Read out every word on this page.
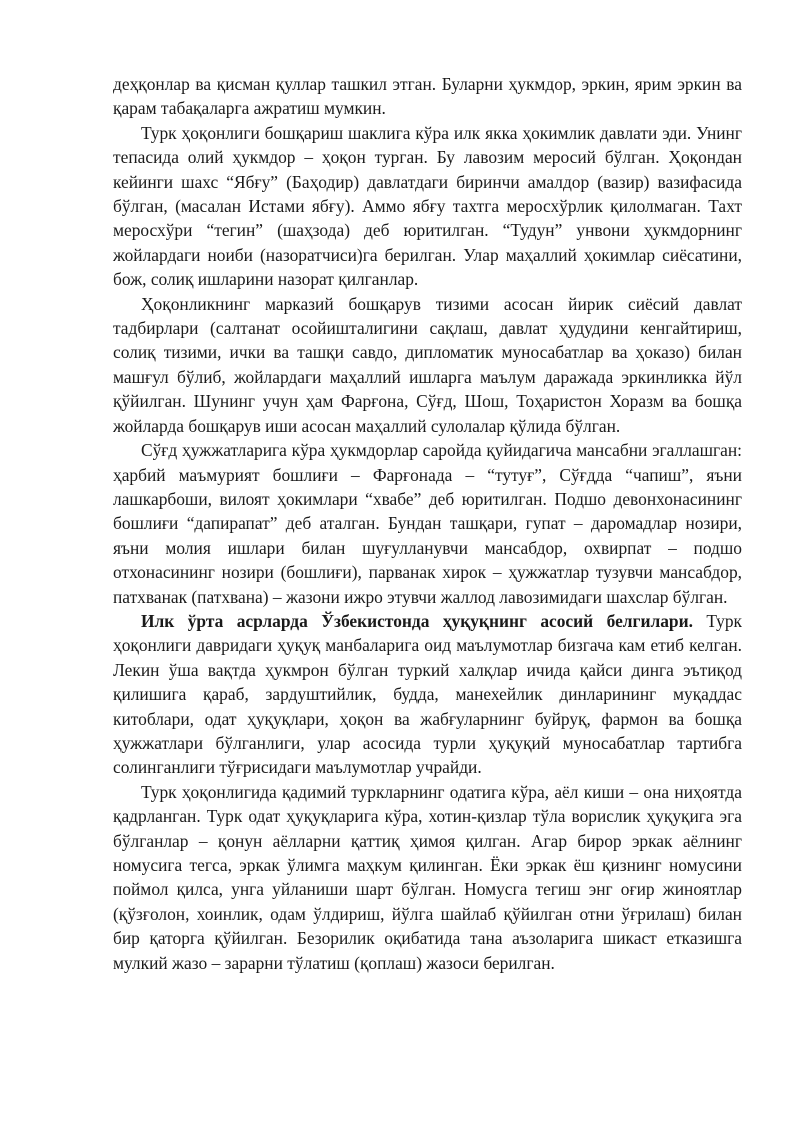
деҳқонлар ва қисман қуллар ташкил этган. Буларни ҳукмдор, эркин, ярим эркин ва қарам табақаларга ажратиш мумкин.

Турк ҳоқонлиги бошқариш шаклига кўра илк якка ҳокимлик давлати эди. Унинг тепасида олий ҳукмдор – ҳоқон турган. Бу лавозим меросий бўлган. Ҳоқондан кейинги шахс “Ябғу” (Баҳодир) давлатдаги биринчи амалдор (вазир) вазифасида бўлган, (масалан Истами ябғу). Аммо ябғу тахтга меросхўрлик қилолмаган. Тахт меросхўри “тегин” (шаҳзода) деб юритилган. “Тудун” унвони ҳукмдорнинг жойлардаги ноиби (назоратчиси)га берилган. Улар маҳаллий ҳокимлар сиёсатини, бож, солиқ ишларини назорат қилганлар.

Ҳоқонликнинг марказий бошқарув тизими асосан йирик сиёсий давлат тадбирлари (салтанат осойишталигини сақлаш, давлат ҳудудини кенгайтириш, солиқ тизими, ички ва ташқи савдо, дипломатик муносабатлар ва ҳоказо) билан машғул бўлиб, жойлардаги маҳаллий ишларга маълум даражада эркинликка йўл қўйилган. Шунинг учун ҳам Фарғона, Сўғд, Шош, Тоҳаристон Хоразм ва бошқа жойларда бошқарув иши асосан маҳаллий сулолалар қўлида бўлган.

Сўғд ҳужжатларига кўра ҳукмдорлар саройда қуйидагича мансабни эгаллашган: ҳарбий маъмурият бошлиғи – Фарғонада – “тутуғ”, Сўғдда “чапиш”, яъни лашкарбоши, вилоят ҳокимлари “хвабе” деб юритилган. Подшо девонхонасининг бошлиғи “дапирапат” деб аталган. Бундан ташқари, гупат – даромадлар нозири, яъни молия ишлари билан шуғулланувчи мансабдор, охвирпат – подшо отхонасининг нозири (бошлиғи), парванак хирок – ҳужжатлар тузувчи мансабдор, патхванак (патхвана) – жазони ижро этувчи жаллод лавозимидаги шахслар бўлган.

Илк ўрта асрларда Ўзбекистонда ҳуқуқнинг асосий белгилари. Турк ҳоқонлиги давридаги ҳуқуқ манбаларига оид маълумотлар бизгача кам етиб келган. Лекин ўша вақтда ҳукмрон бўлган туркий халқлар ичида қайси динга эътиқод қилишига қараб, зардуштийлик, будда, манехейлик динларининг муқаддас китоблари, одат ҳуқуқлари, ҳоқон ва жабғуларнинг буйруқ, фармон ва бошқа ҳужжатлари бўлганлиги, улар асосида турли ҳуқуқий муносабатлар тартибга солинганлиги тўғрисидаги маълумотлар учрайди.

Турк ҳоқонлигида қадимий туркларнинг одатига кўра, аёл киши – она ниҳоятда қадрланган. Турк одат ҳуқуқларига кўра, хотин-қизлар тўла ворислик ҳуқуқига эга бўлганлар – қонун аёлларни қаттиқ ҳимоя қилган. Агар бирор эркак аёлнинг номусига тегса, эркак ўлимга маҳкум қилинган. Ёки эркак ёш қизнинг номусини поймол қилса, унга уйланиши шарт бўлган. Номусга тегиш энг оғир жиноятлар (қўзғолон, хоинлик, одам ўлдириш, йўлга шайлаб қўйилган отни ўғрилаш) билан бир қаторга қўйилган. Безорилик оқибатида тана аъзоларига шикаст етказишга мулкий жазо – зарарни тўлатиш (қоплаш) жазоси берилган.
